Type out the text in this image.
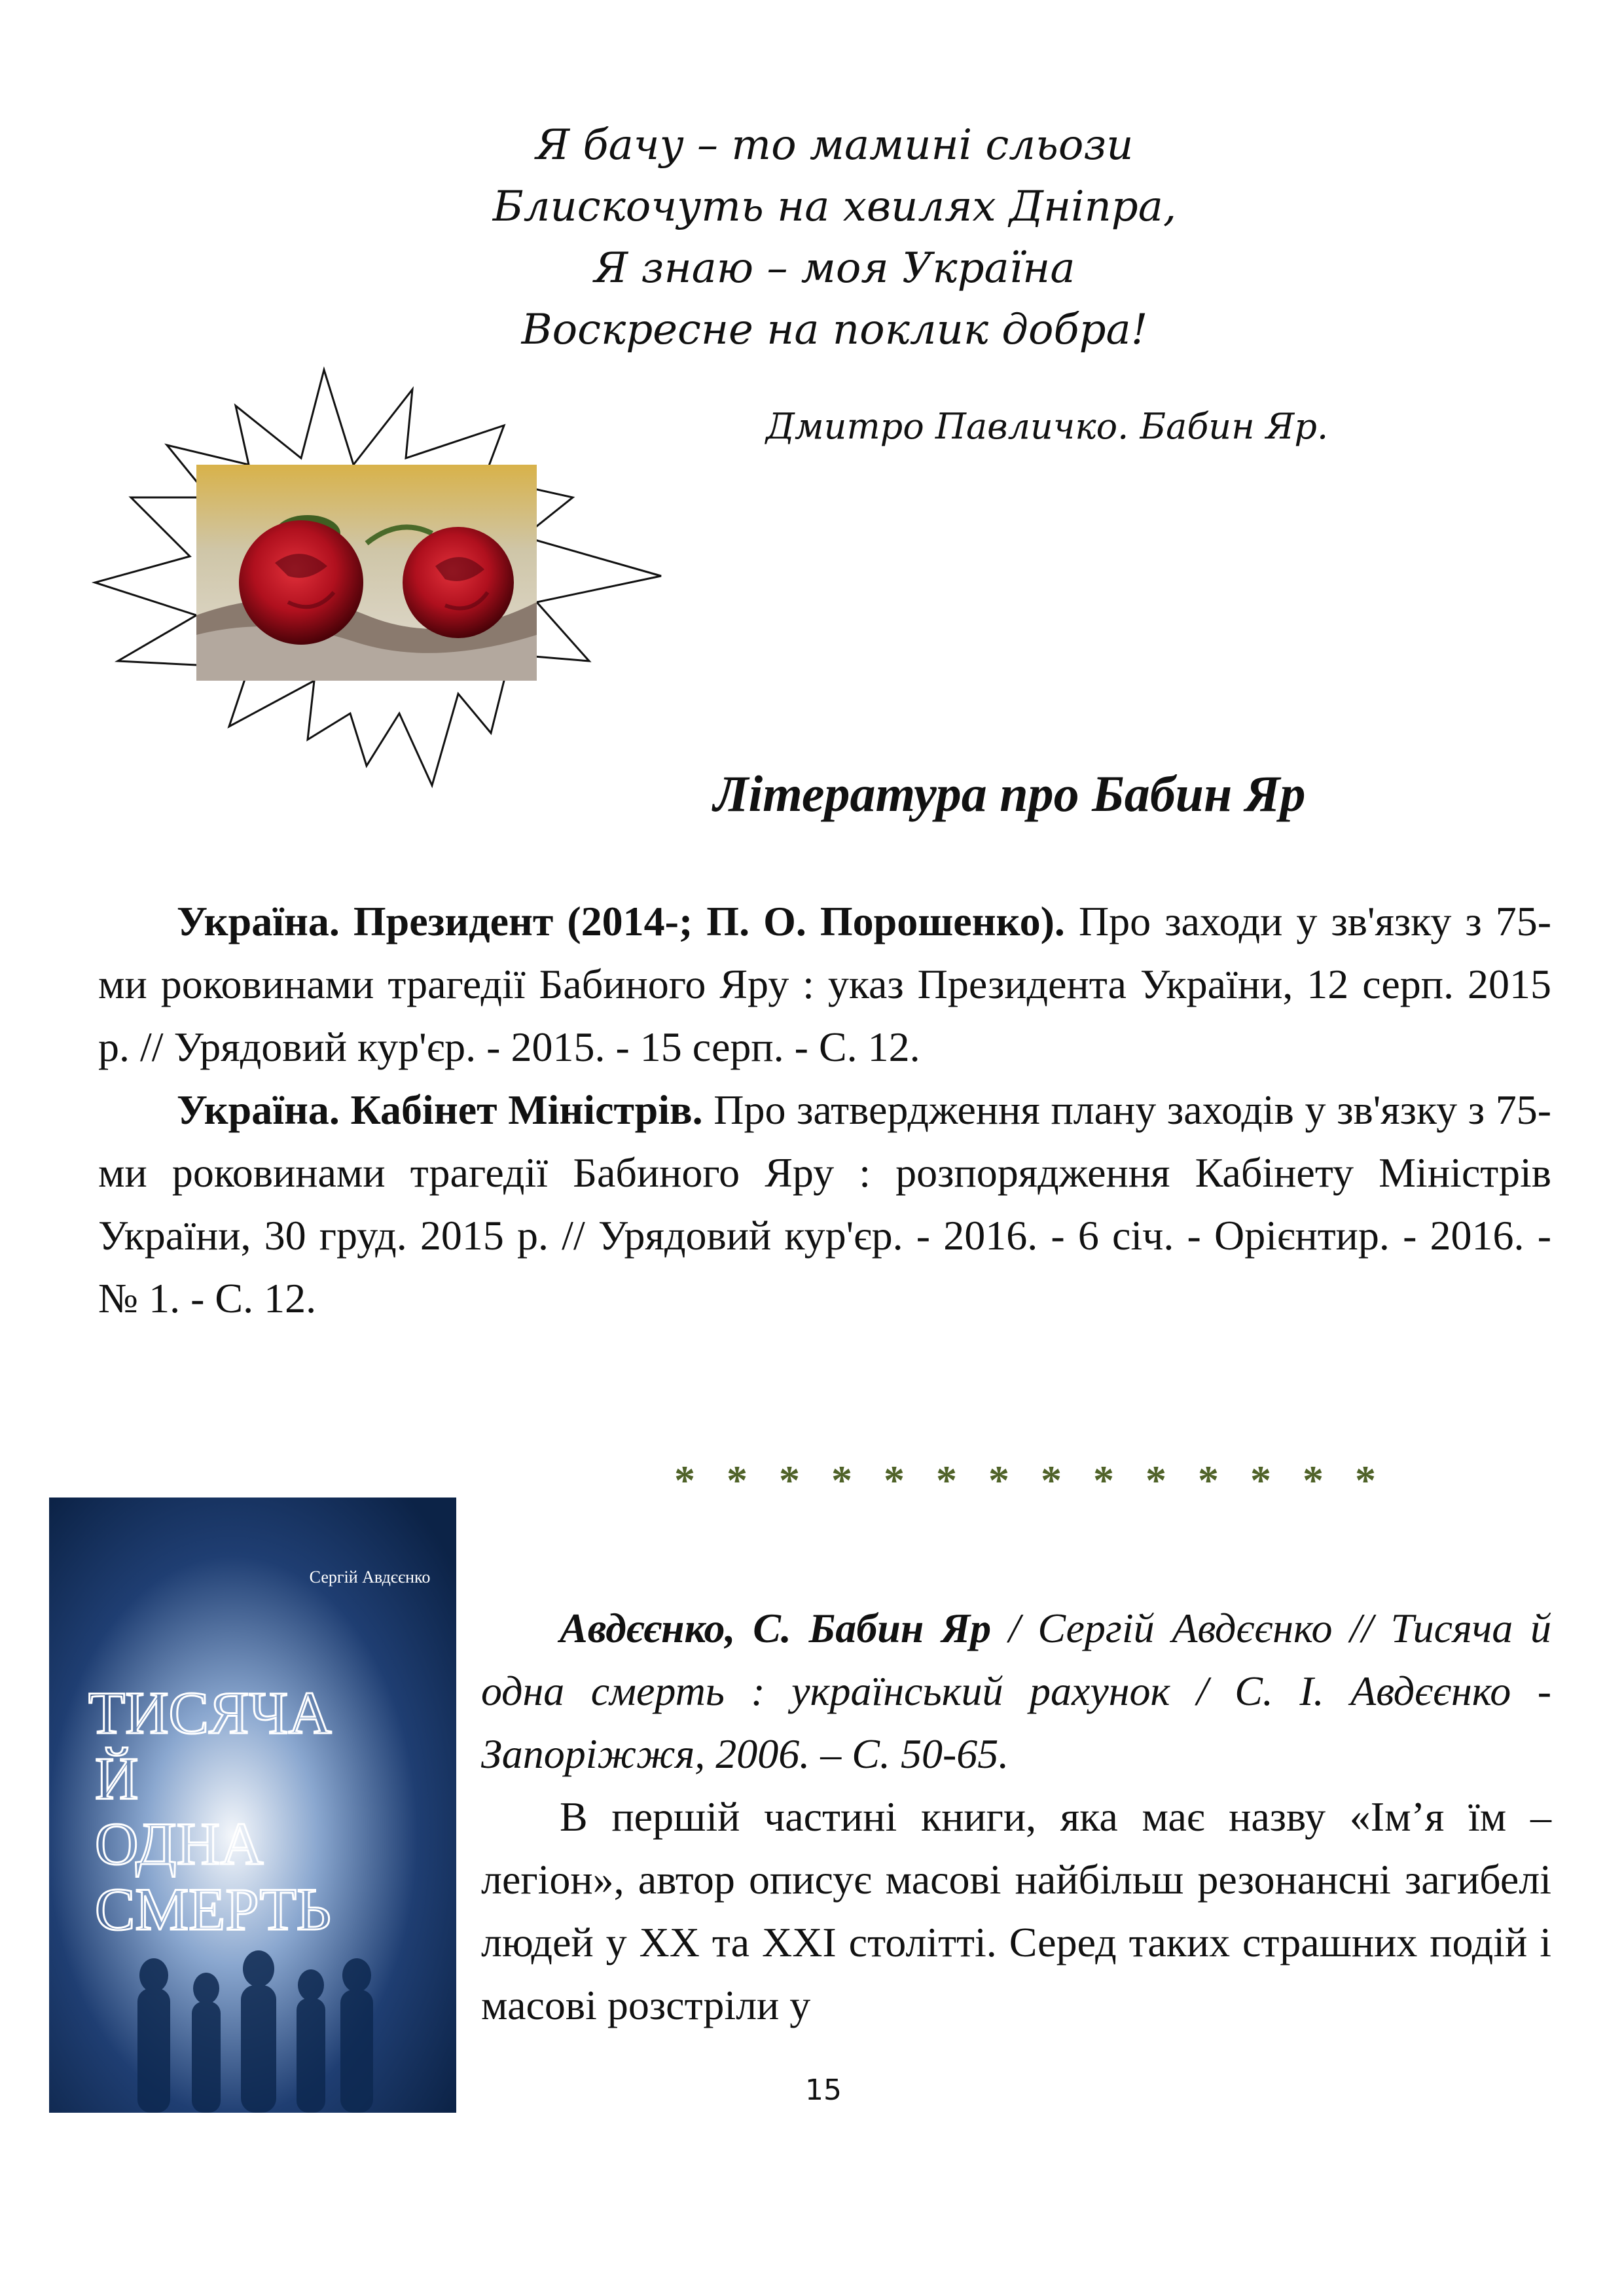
Я бачу – то мамині сльози
Блискочуть на хвилях Дніпра,
Я знаю – моя Україна
Воскресне на поклик добра!
Дмитро Павличко. Бабин Яр.
Література про Бабин Яр

Україна. Президент (2014-; П. О. Порошенко). Про заходи у зв'язку з 75-ми роковинами трагедії Бабиного Яру : указ Президента України, 12 серп. 2015 р. // Урядовий кур'єр. - 2015. - 15 серп. - С. 12.

Україна. Кабінет Міністрів. Про затвердження плану заходів у зв'язку з 75-ми роковинами трагедії Бабиного Яру : розпорядження Кабінету Міністрів України, 30 груд. 2015 р. // Урядовий кур'єр. - 2016. - 6 січ. - Орієнтир. - 2016. - № 1. - С. 12.

* * * * * * * * * * * * * *
Сергій Авдєєнко
ТИСЯЧА
Й
ОДНА
СМЕРТЬ

Авдєєнко, С. Бабин Яр / Сергій Авдєєнко // Тисяча й одна смерть : український рахунок / С. І. Авдєєнко - Запоріжжя, 2006. – С. 50-65.

В першій частині книги, яка має назву «Ім’я їм – легіон», автор описує масові найбільш резонансні загибелі людей у ХХ та ХХІ столітті. Серед таких страшних подій і масові розстріли у

15
